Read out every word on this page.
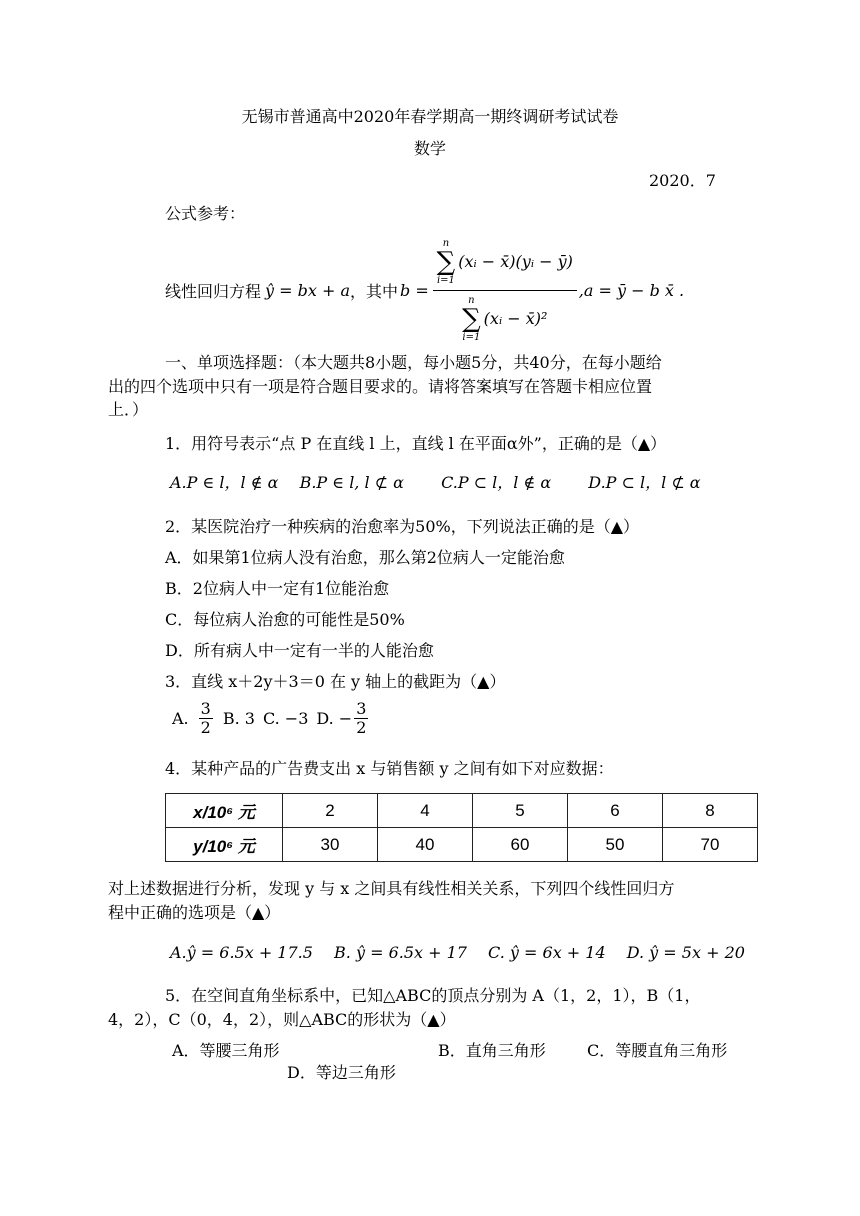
无锡市普通高中2020年春学期高一期终调研考试试卷
数学
2020．7
公式参考：
线性回归方程 ŷ = bx + a ，其中 b = n
∑
i=1
(xᵢ − x̄)(yᵢ − ȳ)
n
∑
i=1
(xᵢ − x̄)² ,a = ȳ − b x̄ .
一、单项选择题：（本大题共8小题，每小题5分，共40分，在每小题给
出的四个选项中只有一项是符合题目要求的。请将答案填写在答题卡相应位置
上．）
1．用符号表示“点 P 在直线 l 上，直线 l 在平面α外”，正确的是（▲）
A.P ∈ l，l ∉ α　 B.P ∈ l, l ⊄ α　　 C.P ⊂ l，l ∉ α　　 D.P ⊂ l，l ⊄ α
2．某医院治疗一种疾病的治愈率为50%，下列说法正确的是（▲）
A．如果第1位病人没有治愈，那么第2位病人一定能治愈
B．2位病人中一定有1位能治愈
C．每位病人治愈的可能性是50%
D．所有病人中一定有一半的人能治愈
3．直线 x＋2y＋3＝0 在 y 轴上的截距为（▲）
A. $\frac{3}{2} B$. 3 C. −3 D. − $\frac{3}{2}$
4．某种产品的广告费支出 x 与销售额 y 之间有如下对应数据：
x/10⁶ 元	2	4	5	6	8
y/10⁶ 元	30	40	60	50	70
对上述数据进行分析，发现 y 与 x 之间具有线性相关关系，下列四个线性回归方
程中正确的选项是（▲）
A.ŷ = 6.5x + 17.5　 B. ŷ = 6.5x + 17　 C. ŷ = 6x + 14　 D. ŷ = 5x + 20
5．在空间直角坐标系中，已知△ABC的顶点分别为 A（1，2，1），B（1，
4，2），C（0，4，2），则△ABC的形状为（▲）
A．等腰三角形	B．直角三角形	C．等腰直角三角形
D．等边三角形
